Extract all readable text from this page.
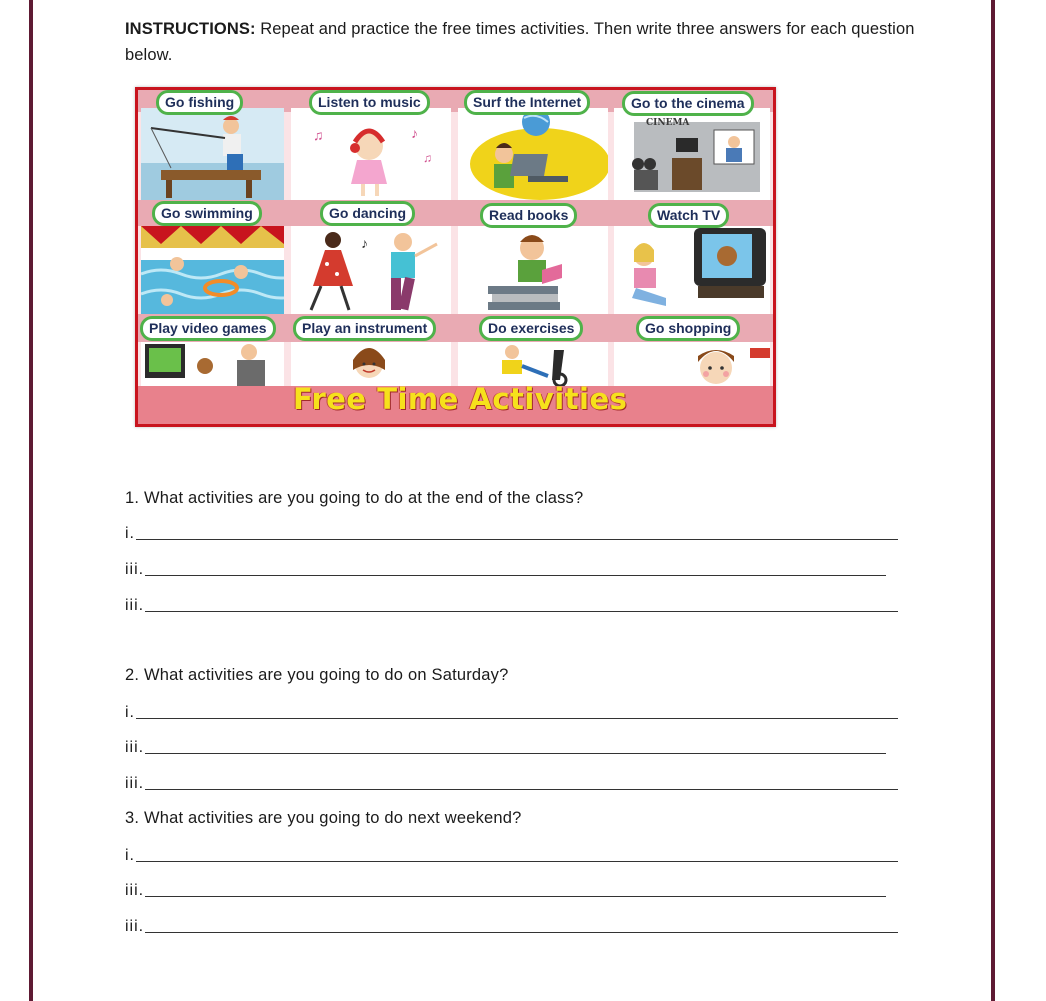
INSTRUCTIONS: Repeat and practice the free times activities. Then write three answers for each question below.
♫	♪
♫
CINEMA
♪
Free Time Activities
Go fishing	Listen to music	Surf the Internet	Go to the cinema
Go swimming	Go dancing	Read books	Watch TV
Play video games	Play an instrument	Do exercises	Go shopping
1. What activities are you going to do at the end of the class?
i.
iii.
iii.
2. What activities are you going to do on Saturday?
i.
iii.
iii.
3. What activities are you going to do next weekend?
i.
iii.
iii.
